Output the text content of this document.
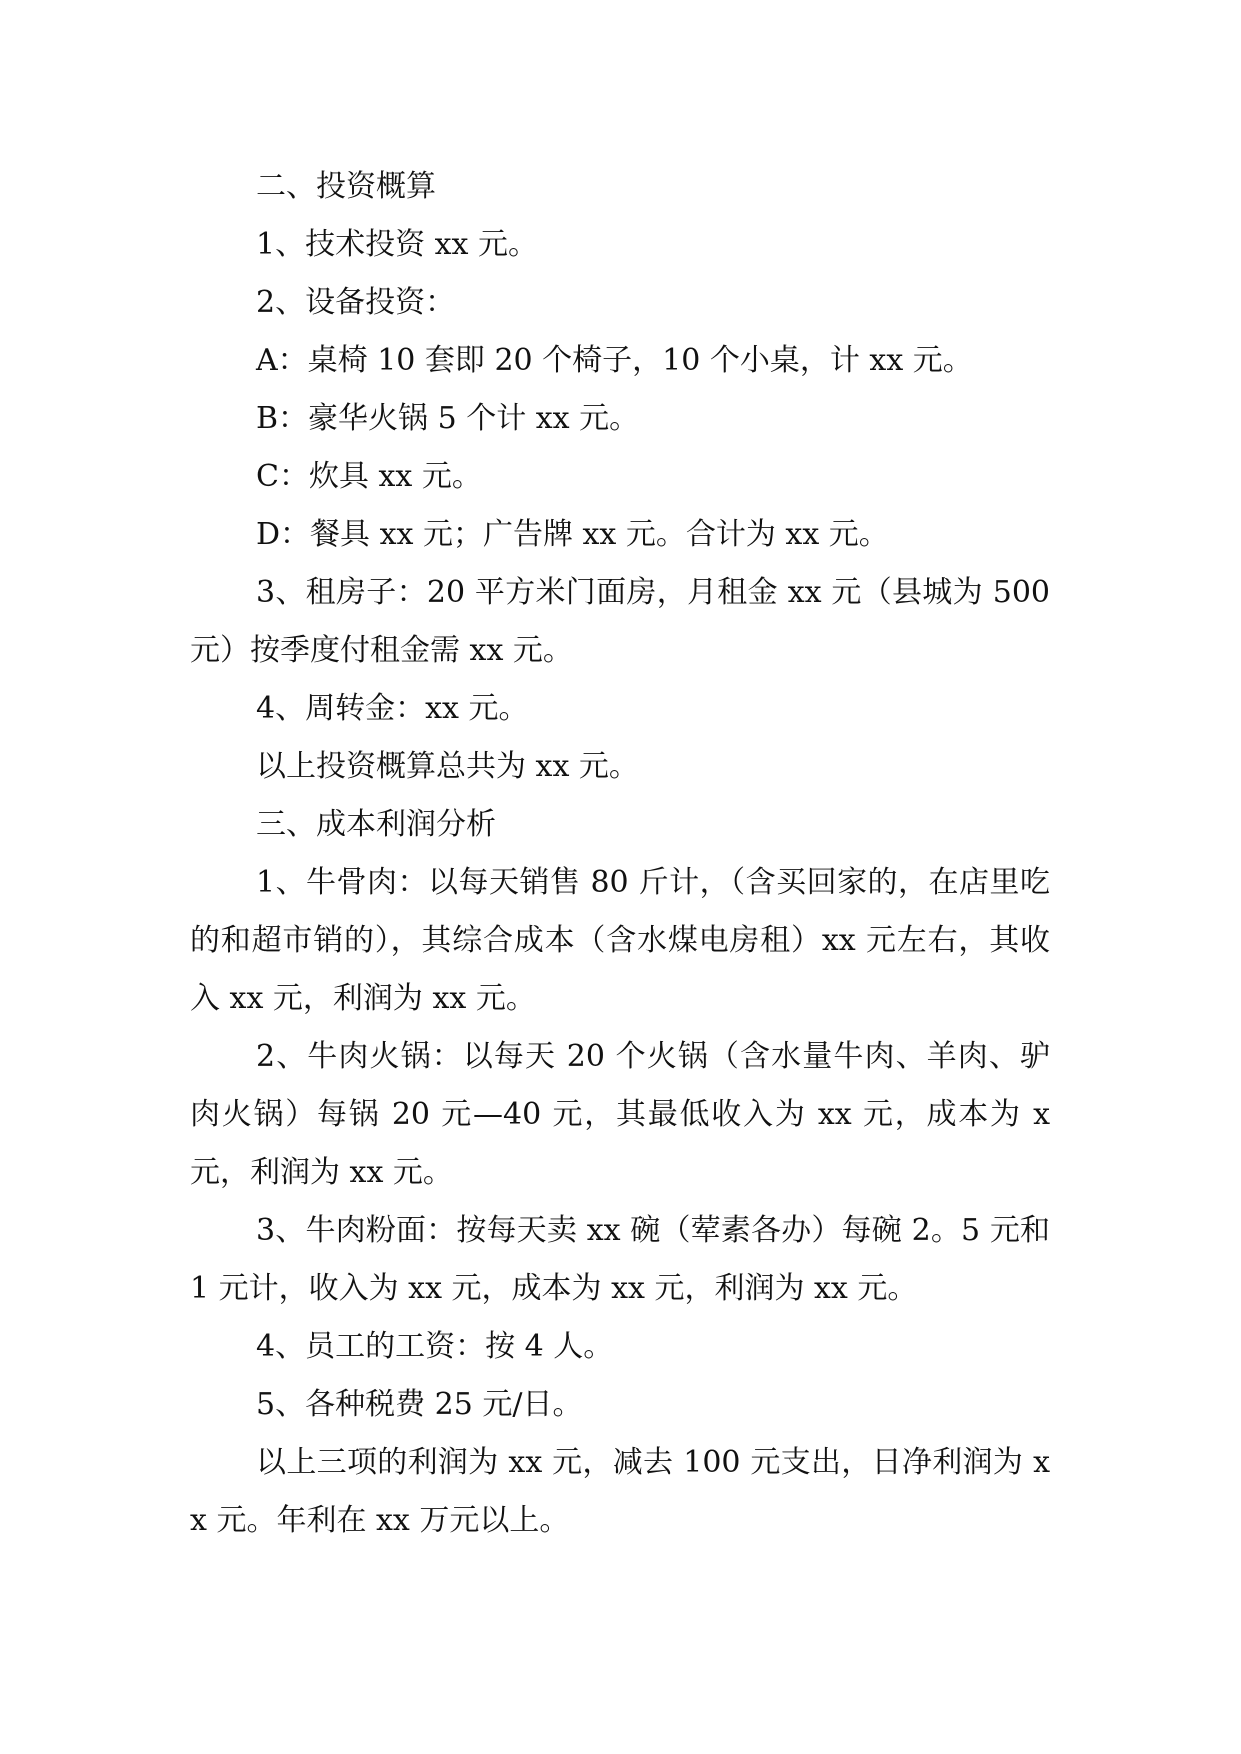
二、投资概算

1、技术投资 xx 元。

2、设备投资：

A：桌椅 10 套即 20 个椅子，10 个小桌，计 xx 元。

B：豪华火锅 5 个计 xx 元。

C：炊具 xx 元。

D：餐具 xx 元；广告牌 xx 元。合计为 xx 元。

3、租房子：20 平方米门面房，月租金 xx 元（县城为 500 元）按季度付租金需 xx 元。

4、周转金：xx 元。

以上投资概算总共为 xx 元。

三、成本利润分析

1、牛骨肉：以每天销售 80 斤计，（含买回家的，在店里吃的和超市销的），其综合成本（含水煤电房租）xx 元左右，其收入 xx 元，利润为 xx 元。

2、牛肉火锅：以每天 20 个火锅（含水量牛肉、羊肉、驴肉火锅）每锅 20 元—40 元，其最低收入为 xx 元，成本为 x 元，利润为 xx 元。

3、牛肉粉面：按每天卖 xx 碗（荤素各办）每碗 2。5 元和 1 元计，收入为 xx 元，成本为 xx 元，利润为 xx 元。

4、员工的工资：按 4 人。

5、各种税费 25 元/日。

以上三项的利润为 xx 元，减去 100 元支出，日净利润为 xx 元。年利在 xx 万元以上。
